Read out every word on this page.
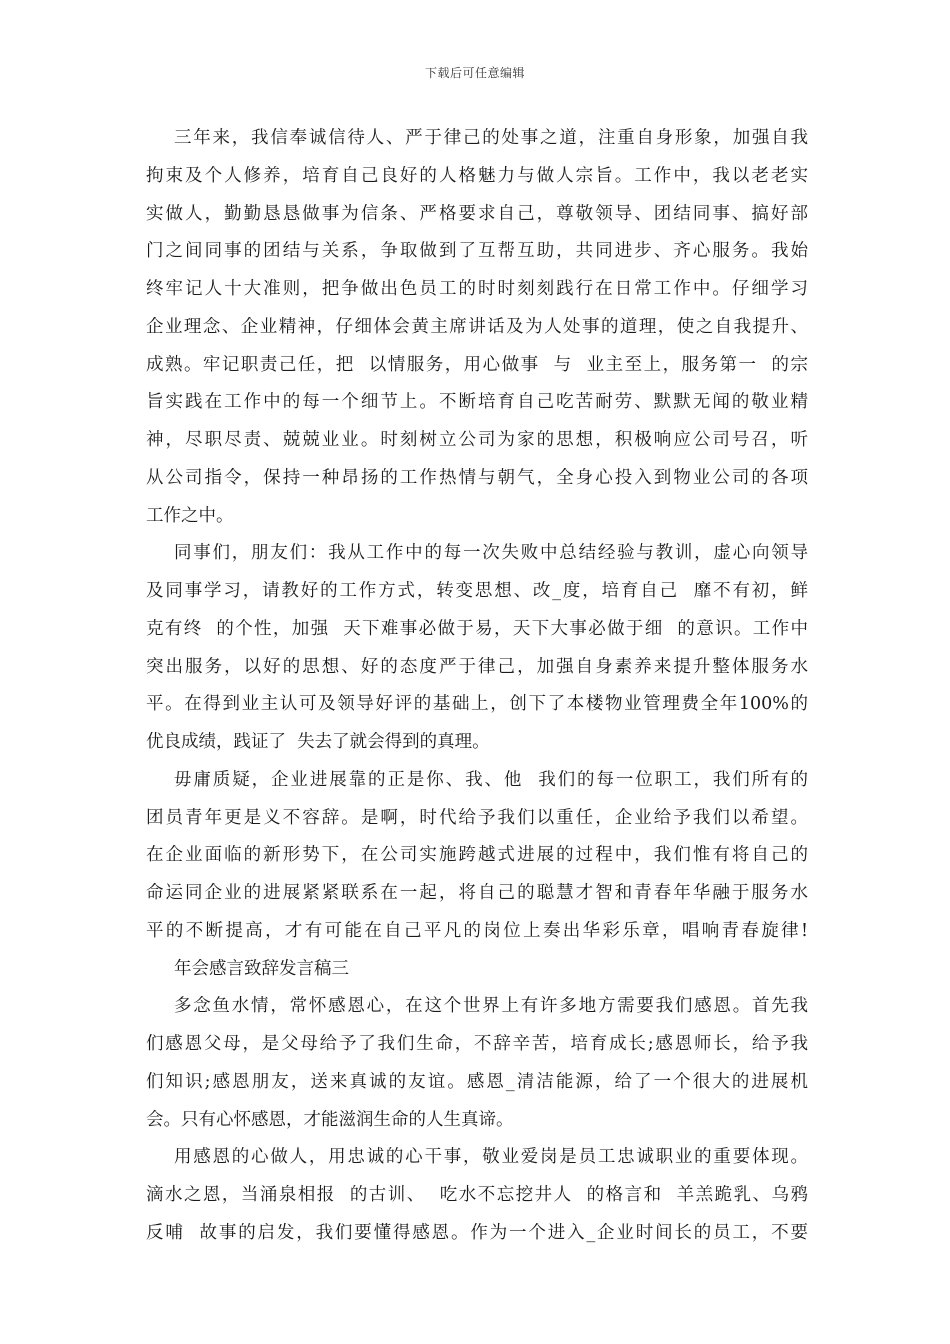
下载后可任意编辑
三年来，我信奉诚信待人、严于律己的处事之道，注重自身形象，加强自我
拘束及个人修养，培育自己良好的人格魅力与做人宗旨。工作中，我以老老实
实做人，勤勤恳恳做事为信条、严格要求自己，尊敬领导、团结同事、搞好部
门之间同事的团结与关系，争取做到了互帮互助，共同进步、齐心服务。我始
终牢记人十大准则，把争做出色员工的时时刻刻践行在日常工作中。仔细学习
企业理念、企业精神，仔细体会黄主席讲话及为人处事的道理，使之自我提升、
成熟。牢记职责己任，把  以情服务，用心做事  与  业主至上，服务第一  的宗
旨实践在工作中的每一个细节上。不断培育自己吃苦耐劳、默默无闻的敬业精
神，尽职尽责、兢兢业业。时刻树立公司为家的思想，积极响应公司号召，听
从公司指令，保持一种昂扬的工作热情与朝气，全身心投入到物业公司的各项
工作之中。
同事们，朋友们：我从工作中的每一次失败中总结经验与教训，虚心向领导
及同事学习，请教好的工作方式，转变思想、改_度，培育自己  靡不有初，鲜
克有终  的个性，加强  天下难事必做于易，天下大事必做于细  的意识。工作中
突出服务，以好的思想、好的态度严于律己，加强自身素养来提升整体服务水
平。在得到业主认可及领导好评的基础上，创下了本楼物业管理费全年100%的
优良成绩，践证了  失去了就会得到的真理。
毋庸质疑，企业进展靠的正是你、我、他  我们的每一位职工，我们所有的
团员青年更是义不容辞。是啊，时代给予我们以重任，企业给予我们以希望。
在企业面临的新形势下，在公司实施跨越式进展的过程中，我们惟有将自己的
命运同企业的进展紧紧联系在一起，将自己的聪慧才智和青春年华融于服务水
平的不断提高，才有可能在自己平凡的岗位上奏出华彩乐章，唱响青春旋律!
年会感言致辞发言稿三
多念鱼水情，常怀感恩心，在这个世界上有许多地方需要我们感恩。首先我
们感恩父母，是父母给予了我们生命，不辞辛苦，培育成长;感恩师长，给予我
们知识;感恩朋友，送来真诚的友谊。感恩_清洁能源，给了一个很大的进展机
会。只有心怀感恩，才能滋润生命的人生真谛。
用感恩的心做人，用忠诚的心干事，敬业爱岗是员工忠诚职业的重要体现。
滴水之恩，当涌泉相报  的古训、  吃水不忘挖井人  的格言和  羊羔跪乳、乌鸦
反哺  故事的启发，我们要懂得感恩。作为一个进入_企业时间长的员工，不要
